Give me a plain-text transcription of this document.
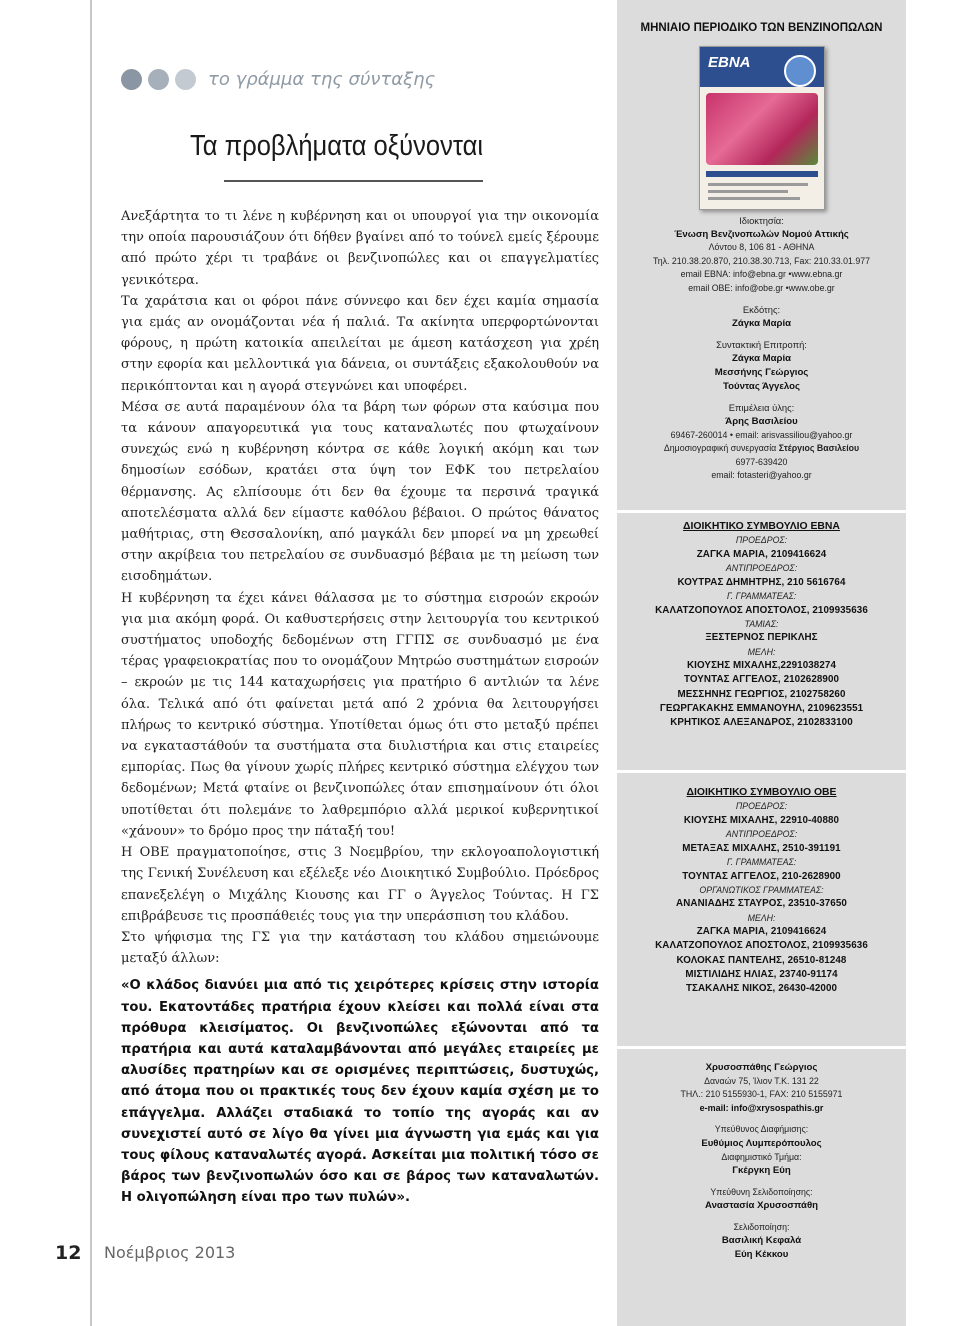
το γράμμα της σύνταξης
Τα προβλήματα οξύνονται

Ανεξάρτητα το τι λένε η κυβέρνηση και οι υπουργοί για την οικονομία την οποία παρουσιάζουν ότι δήθεν βγαίνει από το τούνελ εμείς ξέρουμε από πρώτο χέρι τι τραβάνε οι βενζινοπώλες και οι επαγγελματίες γενικότερα.

Τα χαράτσια και οι φόροι πάνε σύννεφο και δεν έχει καμία σημασία για εμάς αν ονομάζονται νέα ή παλιά. Τα ακίνητα υπερφορτώνονται φόρους, η πρώτη κατοικία απειλείται με άμεση κατάσχεση για χρέη στην εφορία και μελλοντικά για δάνεια, οι συντάξεις εξακολουθούν να περικόπτονται και η αγορά στεγνώνει και υποφέρει.

Μέσα σε αυτά παραμένουν όλα τα βάρη των φόρων στα καύσιμα που τα κάνουν απαγορευτικά για τους καταναλωτές που φτωχαίνουν συνεχώς ενώ η κυβέρνηση κόντρα σε κάθε λογική ακόμη και των δημοσίων εσόδων, κρατάει στα ύψη τον ΕΦΚ του πετρελαίου θέρμανσης. Ας ελπίσουμε ότι δεν θα έχουμε τα περσινά τραγικά αποτελέσματα αλλά δεν είμαστε καθόλου βέβαιοι. Ο πρώτος θάνατος μαθήτριας, στη Θεσσαλονίκη, από μαγκάλι δεν μπορεί να μη χρεωθεί στην ακρίβεια του πετρελαίου σε συνδυασμό βέβαια με τη μείωση των εισοδημάτων.

Η κυβέρνηση τα έχει κάνει θάλασσα με το σύστημα εισροών εκροών για μια ακόμη φορά. Οι καθυστερήσεις στην λειτουργία του κεντρικού συστήματος υποδοχής δεδομένων στη ΓΓΠΣ σε συνδυασμό με ένα τέρας γραφειοκρατίας που το ονομάζουν Μητρώο συστημάτων εισροών – εκροών με τις 144 καταχωρήσεις για πρατήριο 6 αντλιών τα λένε όλα. Τελικά από ότι φαίνεται μετά από 2 χρόνια θα λειτουργήσει πλήρως το κεντρικό σύστημα. Υποτίθεται όμως ότι στο μεταξύ πρέπει να εγκαταστάθούν τα συστήματα στα διυλιστήρια και στις εταιρείες εμπορίας. Πως θα γίνουν χωρίς πλήρες κεντρικό σύστημα ελέγχου των δεδομένων; Μετά φταίνε οι βενζινοπώλες όταν επισημαίνουν ότι όλοι υποτίθεται ότι πολεμάνε το λαθρεμπόριο αλλά μερικοί κυβερνητικοί «χάνουν» το δρόμο προς την πάταξή του!

Η ΟΒΕ πραγματοποίησε, στις 3 Νοεμβρίου, την εκλογοαπολογιστική της Γενική Συνέλευση και εξέλεξε νέο Διοικητικό Συμβούλιο. Πρόεδρος επανεξελέγη ο Μιχάλης Κιουσης και ΓΓ ο Άγγελος Τούντας. Η ΓΣ επιβράβευσε τις προσπάθειές τους για την υπεράσπιση του κλάδου.

Στο ψήφισμα της ΓΣ για την κατάσταση του κλάδου σημειώνουμε μεταξύ άλλων:

«Ο κλάδος διανύει μια από τις χειρότερες κρίσεις στην ιστορία του. Εκατοντάδες πρατήρια έχουν κλείσει και πολλά είναι στα πρόθυρα κλεισίματος. Οι βενζινοπώλες εξώνονται από τα πρατήρια και αυτά καταλαμβάνονται από μεγάλες εταιρείες με αλυσίδες πρατηρίων και σε ορισμένες περιπτώσεις, δυστυχώς, από άτομα που οι πρακτικές τους δεν έχουν καμία σχέση με το επάγγελμα. Αλλάζει σταδιακά το τοπίο της αγοράς και αν συνεχιστεί αυτό σε λίγο θα γίνει μια άγνωστη για εμάς και για τους φίλους καταναλωτές αγορά. Ασκείται μια πολιτική τόσο σε βάρος των βενζινοπωλών όσο και σε βάρος των καταναλωτών. Η ολιγοπώληση είναι προ των πυλών».

12 Νοέμβριος 2013
ΜΗΝΙΑΙΟ ΠΕΡΙΟΔΙΚΟ ΤΩΝ ΒΕΝΖΙΝΟΠΩΛΩΝ
EBNA
Ιδιοκτησία:
Ένωση Βενζινοπωλών Νομού Αττικής
Λόντου 8, 106 81 - ΑΘΗΝΑ
Τηλ. 210.38.20.870, 210.38.30.713, Fax: 210.33.01.977
email EBNA: info@ebna.gr •www.ebna.gr
email OBE: info@obe.gr •www.obe.gr
Εκδότης:
Ζάγκα Μαρία
Συντακτική Επιτροπή:
Ζάγκα Μαρία
Μεσσήνης Γεώργιος
Τούντας Άγγελος
Επιμέλεια ύλης:
Άρης Βασιλείου
69467-260014 • email: arisvassiliou@yahoo.gr
Δημοσιογραφική συνεργασία Στέργιος Βασιλείου
6977-639420
email: fotasteri@yahoo.gr
ΔΙΟΙΚΗΤΙΚΟ ΣΥΜΒΟΥΛΙΟ ΕΒΝΑ
ΠΡΟΕΔΡΟΣ:
ΖΑΓΚΑ ΜΑΡΙΑ, 2109416624
ΑΝΤΙΠΡΟΕΔΡΟΣ:
ΚΟΥΤΡΑΣ ΔΗΜΗΤΡΗΣ, 210 5616764
Γ. ΓΡΑΜΜΑΤΕΑΣ:
ΚΑΛΑΤΖΟΠΟΥΛΟΣ ΑΠΟΣΤΟΛΟΣ, 2109935636
ΤΑΜΙΑΣ:
ΞΕΣΤΕΡΝΟΣ ΠΕΡΙΚΛΗΣ
ΜΕΛΗ:
ΚΙΟΥΣΗΣ ΜΙΧΑΛΗΣ,2291038274
ΤΟΥΝΤΑΣ ΑΓΓΕΛΟΣ, 2102628900
ΜΕΣΣΗΝΗΣ ΓΕΩΡΓΙΟΣ, 2102758260
ΓΕΩΡΓΑΚΑΚΗΣ ΕΜΜΑΝΟΥΗΛ, 2109623551
ΚΡΗΤΙΚΟΣ ΑΛΕΞΑΝΔΡΟΣ, 2102833100
ΔΙΟΙΚΗΤΙΚΟ ΣΥΜΒΟΥΛΙΟ ΟΒΕ
ΠΡΟΕΔΡΟΣ:
ΚΙΟΥΣΗΣ ΜΙΧΑΛΗΣ, 22910-40880
ΑΝΤΙΠΡΟΕΔΡΟΣ:
ΜΕΤΑΞΑΣ ΜΙΧΑΛΗΣ, 2510-391191
Γ. ΓΡΑΜΜΑΤΕΑΣ:
ΤΟΥΝΤΑΣ ΑΓΓΕΛΟΣ, 210-2628900
ΟΡΓΑΝΩΤΙΚΟΣ ΓΡΑΜΜΑΤΕΑΣ:
ΑΝΑΝΙΑΔΗΣ ΣΤΑΥΡΟΣ, 23510-37650
ΜΕΛΗ:
ΖΑΓΚΑ ΜΑΡΙΑ, 2109416624
ΚΑΛΑΤΖΟΠΟΥΛΟΣ ΑΠΟΣΤΟΛΟΣ, 2109935636
ΚΟΛΟΚΑΣ ΠΑΝΤΕΛΗΣ, 26510-81248
ΜΙΣΤΙΛΙΔΗΣ ΗΛΙΑΣ, 23740-91174
ΤΣΑΚΑΛΗΣ ΝΙΚΟΣ, 26430-42000
Χρυσοσπάθης Γεώργιος
Δαναών 75, Ίλιον Τ.Κ. 131 22
ΤΗΛ.: 210 5155930-1, FAX: 210 5155971
e-mail: info@xrysospathis.gr
Υπεύθυνος Διαφήμισης:
Ευθύμιος Λυμπερόπουλος
Διαφημιστικό Τμήμα:
Γκέργκη Εύη
Υπεύθυνη Σελιδοποίησης:
Αναστασία Χρυσοσπάθη
Σελιδοποίηση:
Βασιλική Κεφαλά
Εύη Κέκκου
